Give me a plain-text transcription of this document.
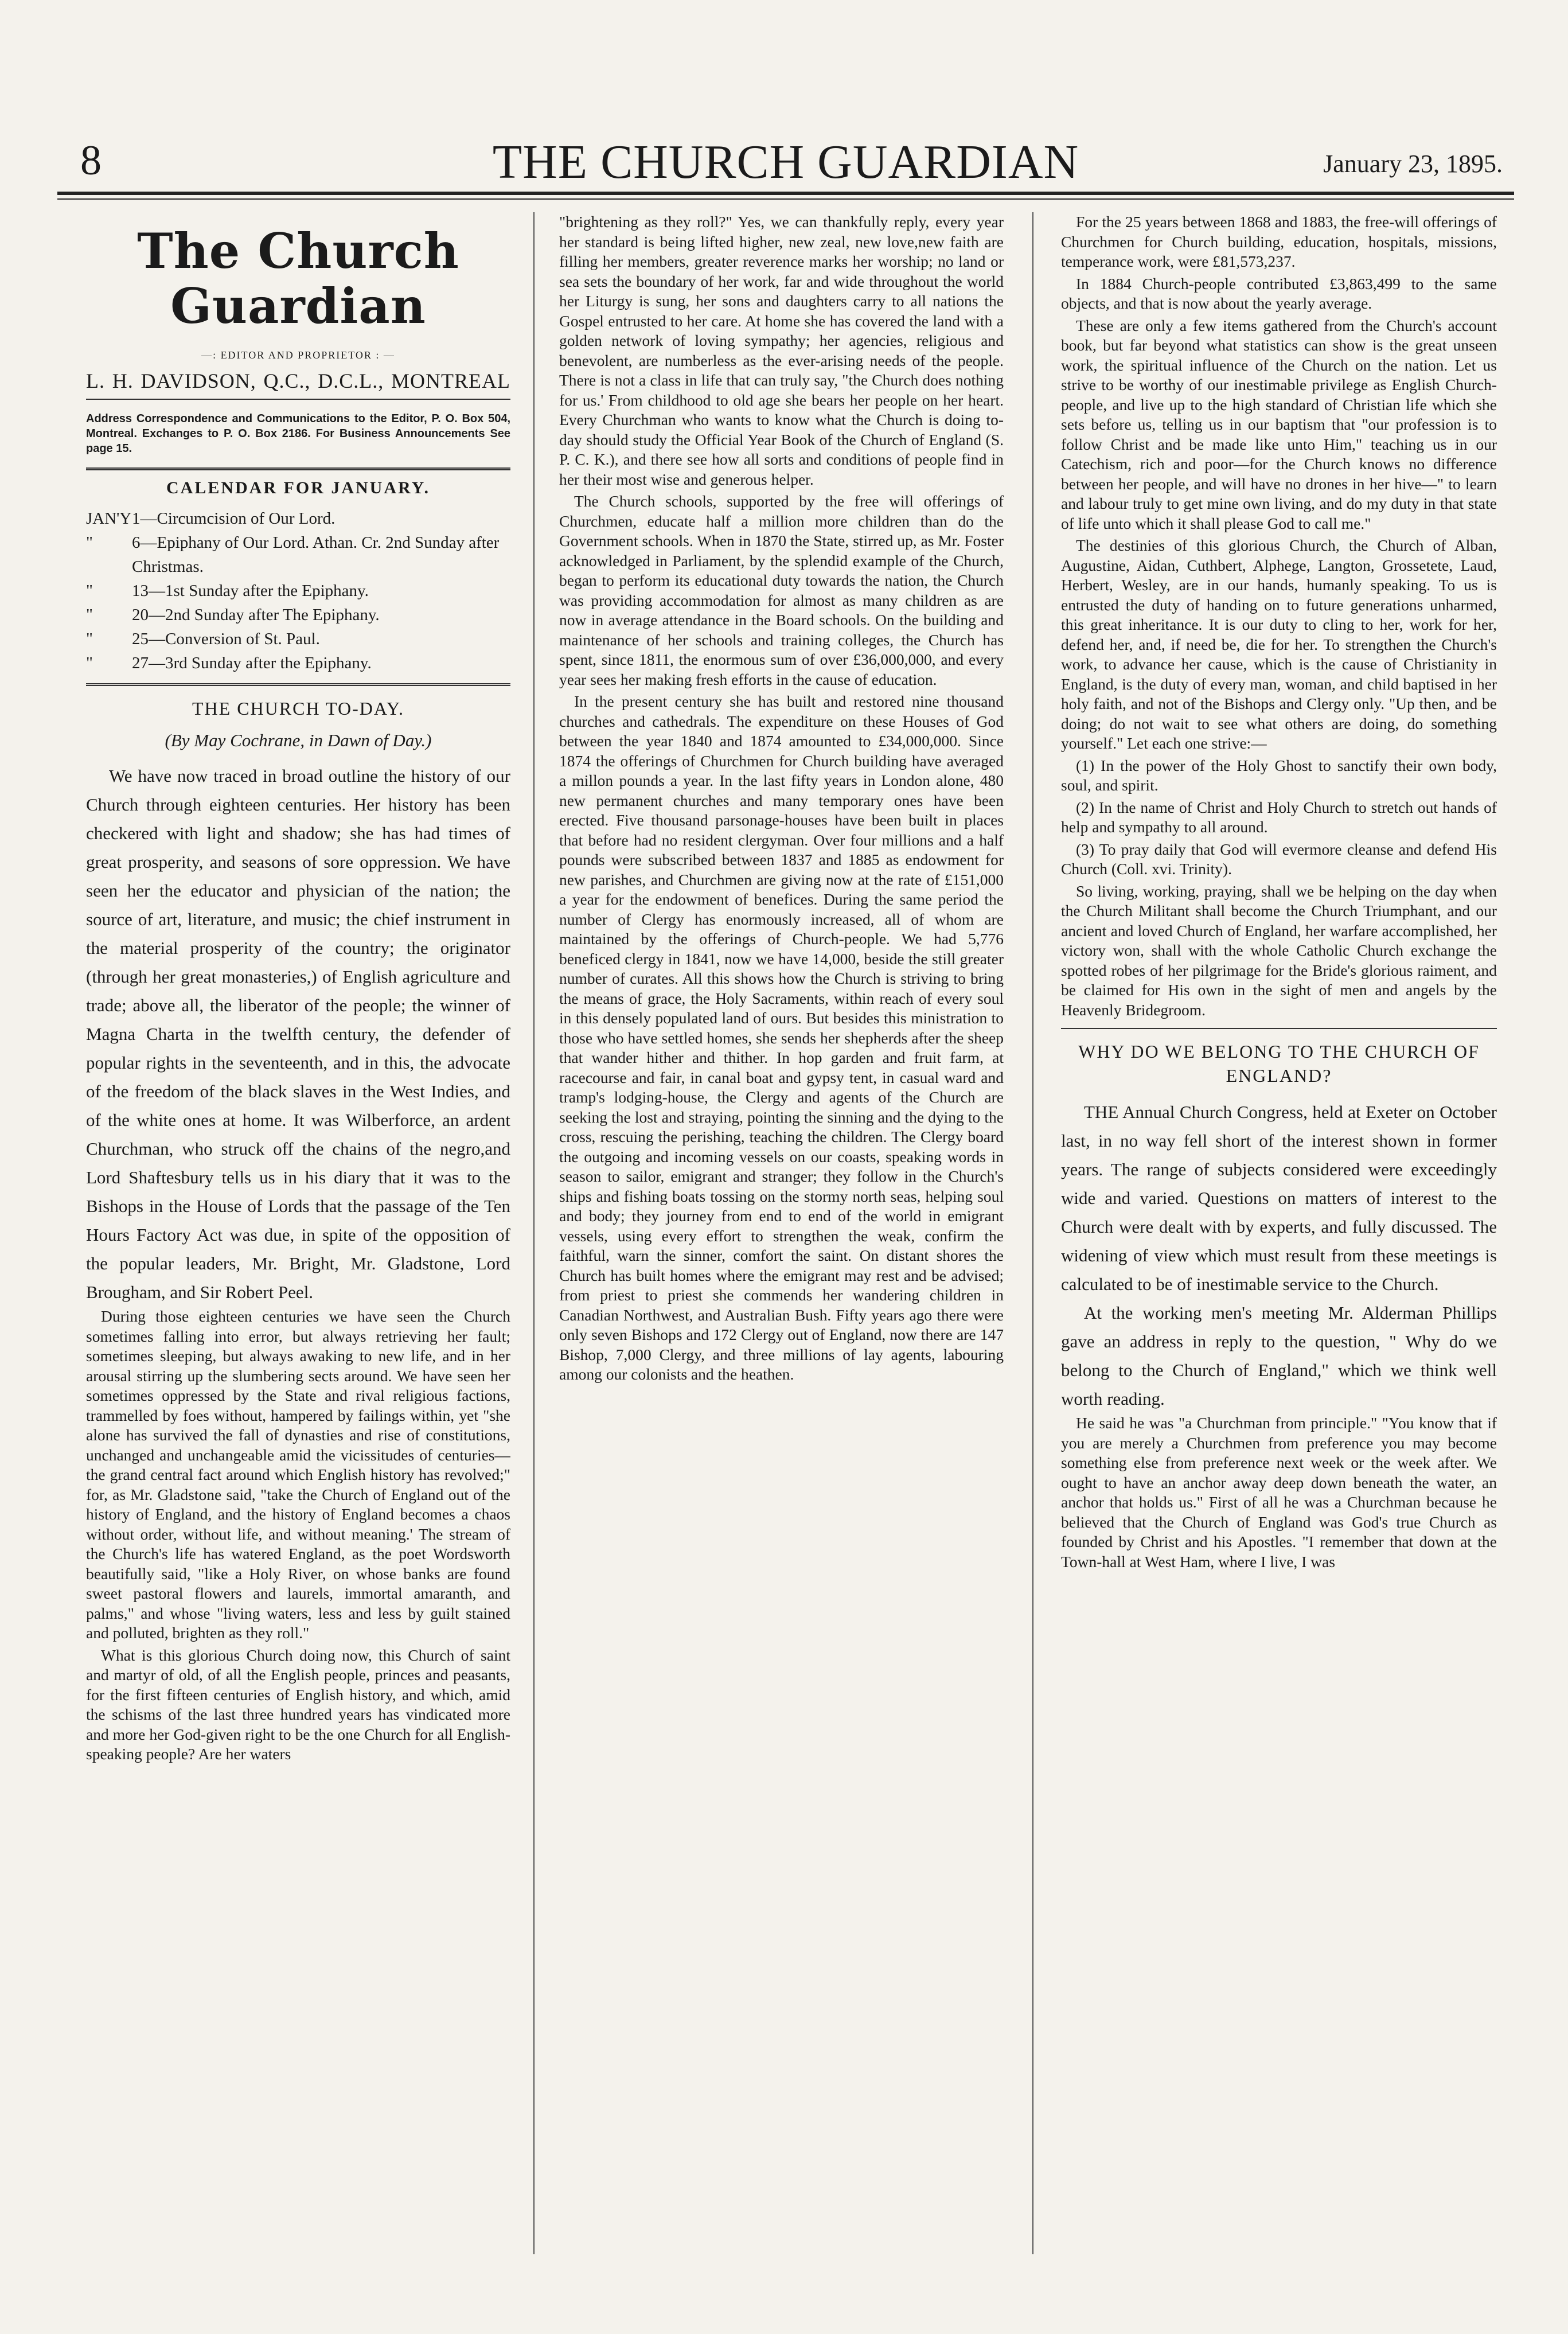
8	THE CHURCH GUARDIAN	January 23, 1895.
The Church Guardian
—: EDITOR AND PROPRIETOR : —
L. H. DAVIDSON, Q.C., D.C.L., MONTREAL
Address Correspondence and Communications to the Editor, P. O. Box 504, Montreal. Exchanges to P. O. Box 2186. For Business Announcements See page 15.
CALENDAR FOR JANUARY.
JAN'Y 1—Circumcision of Our Lord.
"	6—Epiphany of Our Lord. Athan. Cr. 2nd Sunday after Christmas.
"	13—1st Sunday after the Epiphany.
"	20—2nd Sunday after The Epiphany.
"	25—Conversion of St. Paul.
"	27—3rd Sunday after the Epiphany.
THE CHURCH TO-DAY.
(By May Cochrane, in Dawn of Day.)

We have now traced in broad outline the history of our Church through eighteen centuries. Her history has been checkered with light and shadow; she has had times of great prosperity, and seasons of sore oppression. We have seen her the educator and physician of the nation; the source of art, literature, and music; the chief instrument in the material prosperity of the country; the originator (through her great monasteries,) of English agriculture and trade; above all, the liberator of the people; the winner of Magna Charta in the twelfth century, the defender of popular rights in the seventeenth, and in this, the advocate of the freedom of the black slaves in the West Indies, and of the white ones at home. It was Wilberforce, an ardent Churchman, who struck off the chains of the negro,and Lord Shaftesbury tells us in his diary that it was to the Bishops in the House of Lords that the passage of the Ten Hours Factory Act was due, in spite of the opposition of the popular leaders, Mr. Bright, Mr. Gladstone, Lord Brougham, and Sir Robert Peel.

During those eighteen centuries we have seen the Church sometimes falling into error, but always retrieving her fault; sometimes sleeping, but always awaking to new life, and in her arousal stirring up the slumbering sects around. We have seen her sometimes oppressed by the State and rival religious factions, trammelled by foes without, hampered by failings within, yet "she alone has survived the fall of dynasties and rise of constitutions, unchanged and unchangeable amid the vicissitudes of centuries—the grand central fact around which English history has revolved;" for, as Mr. Gladstone said, "take the Church of England out of the history of England, and the history of England becomes a chaos without order, without life, and without meaning.' The stream of the Church's life has watered England, as the poet Wordsworth beautifully said, "like a Holy River, on whose banks are found sweet pastoral flowers and laurels, immortal amaranth, and palms," and whose "living waters, less and less by guilt stained and polluted, brighten as they roll."

What is this glorious Church doing now, this Church of saint and martyr of old, of all the English people, princes and peasants, for the first fifteen centuries of English history, and which, amid the schisms of the last three hundred years has vindicated more and more her God-given right to be the one Church for all English-speaking people? Are her waters

"brightening as they roll?" Yes, we can thankfully reply, every year her standard is being lifted higher, new zeal, new love,new faith are filling her members, greater reverence marks her worship; no land or sea sets the boundary of her work, far and wide throughout the world her Liturgy is sung, her sons and daughters carry to all nations the Gospel entrusted to her care. At home she has covered the land with a golden network of loving sympathy; her agencies, religious and benevolent, are numberless as the ever-arising needs of the people. There is not a class in life that can truly say, "the Church does nothing for us.' From childhood to old age she bears her people on her heart. Every Churchman who wants to know what the Church is doing to-day should study the Official Year Book of the Church of England (S. P. C. K.), and there see how all sorts and conditions of people find in her their most wise and generous helper.

The Church schools, supported by the free will offerings of Churchmen, educate half a million more children than do the Government schools. When in 1870 the State, stirred up, as Mr. Foster acknowledged in Parliament, by the splendid example of the Church, began to perform its educational duty towards the nation, the Church was providing accommodation for almost as many children as are now in average attendance in the Board schools. On the building and maintenance of her schools and training colleges, the Church has spent, since 1811, the enormous sum of over £36,000,000, and every year sees her making fresh efforts in the cause of education.

In the present century she has built and restored nine thousand churches and cathedrals. The expenditure on these Houses of God between the year 1840 and 1874 amounted to £34,000,000. Since 1874 the offerings of Churchmen for Church building have averaged a millon pounds a year. In the last fifty years in London alone, 480 new permanent churches and many temporary ones have been erected. Five thousand parsonage-houses have been built in places that before had no resident clergyman. Over four millions and a half pounds were subscribed between 1837 and 1885 as endowment for new parishes, and Churchmen are giving now at the rate of £151,000 a year for the endowment of benefices. During the same period the number of Clergy has enormously increased, all of whom are maintained by the offerings of Church-people. We had 5,776 beneficed clergy in 1841, now we have 14,000, beside the still greater number of curates. All this shows how the Church is striving to bring the means of grace, the Holy Sacraments, within reach of every soul in this densely populated land of ours. But besides this ministration to those who have settled homes, she sends her shepherds after the sheep that wander hither and thither. In hop garden and fruit farm, at racecourse and fair, in canal boat and gypsy tent, in casual ward and tramp's lodging-house, the Clergy and agents of the Church are seeking the lost and straying, pointing the sinning and the dying to the cross, rescuing the perishing, teaching the children. The Clergy board the outgoing and incoming vessels on our coasts, speaking words in season to sailor, emigrant and stranger; they follow in the Church's ships and fishing boats tossing on the stormy north seas, helping soul and body; they journey from end to end of the world in emigrant vessels, using every effort to strengthen the weak, confirm the faithful, warn the sinner, comfort the saint. On distant shores the Church has built homes where the emigrant may rest and be advised; from priest to priest she commends her wandering children in Canadian Northwest, and Australian Bush. Fifty years ago there were only seven Bishops and 172 Clergy out of England, now there are 147 Bishop, 7,000 Clergy, and three millions of lay agents, labouring among our colonists and the heathen.

For the 25 years between 1868 and 1883, the free-will offerings of Churchmen for Church building, education, hospitals, missions, temperance work, were £81,573,237.

In 1884 Church-people contributed £3,863,499 to the same objects, and that is now about the yearly average.

These are only a few items gathered from the Church's account book, but far beyond what statistics can show is the great unseen work, the spiritual influence of the Church on the nation. Let us strive to be worthy of our inestimable privilege as English Church-people, and live up to the high standard of Christian life which she sets before us, telling us in our baptism that "our profession is to follow Christ and be made like unto Him," teaching us in our Catechism, rich and poor—for the Church knows no difference between her people, and will have no drones in her hive—" to learn and labour truly to get mine own living, and do my duty in that state of life unto which it shall please God to call me."

The destinies of this glorious Church, the Church of Alban, Augustine, Aidan, Cuthbert, Alphege, Langton, Grossetete, Laud, Herbert, Wesley, are in our hands, humanly speaking. To us is entrusted the duty of handing on to future generations unharmed, this great inheritance. It is our duty to cling to her, work for her, defend her, and, if need be, die for her. To strengthen the Church's work, to advance her cause, which is the cause of Christianity in England, is the duty of every man, woman, and child baptised in her holy faith, and not of the Bishops and Clergy only. "Up then, and be doing; do not wait to see what others are doing, do something yourself." Let each one strive:—

(1) In the power of the Holy Ghost to sanctify their own body, soul, and spirit.

(2) In the name of Christ and Holy Church to stretch out hands of help and sympathy to all around.

(3) To pray daily that God will evermore cleanse and defend His Church (Coll. xvi. Trinity).

So living, working, praying, shall we be helping on the day when the Church Militant shall become the Church Triumphant, and our ancient and loved Church of England, her warfare accomplished, her victory won, shall with the whole Catholic Church exchange the spotted robes of her pilgrimage for the Bride's glorious raiment, and be claimed for His own in the sight of men and angels by the Heavenly Bridegroom.

WHY DO WE BELONG TO THE CHURCH OF ENGLAND?

THE Annual Church Congress, held at Exeter on October last, in no way fell short of the interest shown in former years. The range of subjects considered were exceedingly wide and varied. Questions on matters of interest to the Church were dealt with by experts, and fully discussed. The widening of view which must result from these meetings is calculated to be of inestimable service to the Church.

At the working men's meeting Mr. Alderman Phillips gave an address in reply to the question, " Why do we belong to the Church of England," which we think well worth reading.

He said he was "a Churchman from principle." "You know that if you are merely a Churchmen from preference you may become something else from preference next week or the week after. We ought to have an anchor away deep down beneath the water, an anchor that holds us." First of all he was a Churchman because he believed that the Church of England was God's true Church as founded by Christ and his Apostles. "I remember that down at the Town-hall at West Ham, where I live, I was
